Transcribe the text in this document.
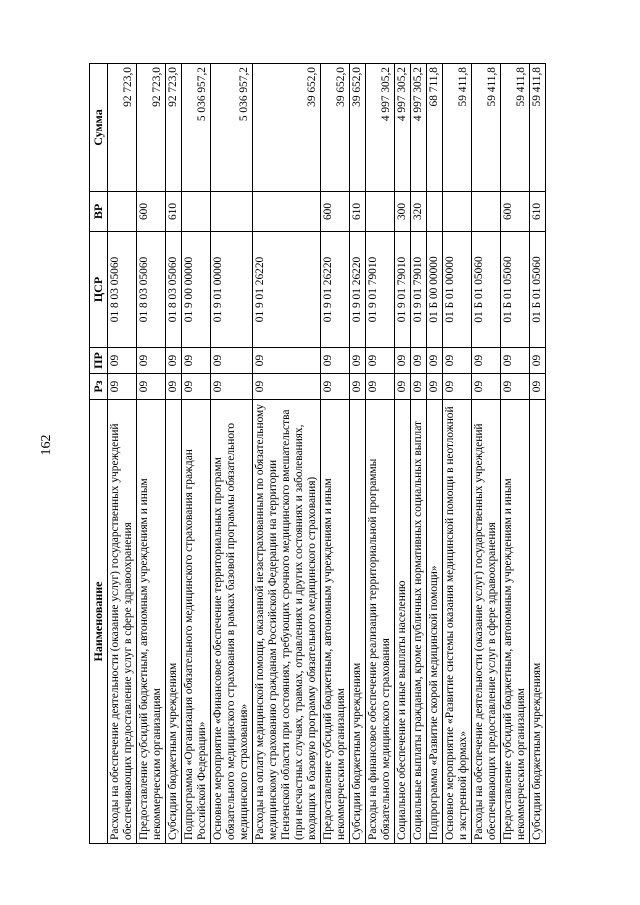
162
Наименование	Рз	ПР	ЦСР	ВР	Сумма
Расходы на обеспечение деятельности (оказание услуг) государственных учреждений обеспечивающих предоставление услуг в сфере здравоохранения	09	09	01 8 03 05060		92 723,0
Предоставление субсидий бюджетным, автономным учреждениям и иным некоммерческим организациям	09	09	01 8 03 05060	600	92 723,0
Субсидии бюджетным учреждениям	09	09	01 8 03 05060	610	92 723,0
Подпрограмма «Организация обязательного медицинского страхования граждан Российской Федерации»	09	09	01 9 00 00000		5 036 957,2
Основное мероприятие «Финансовое обеспечение территориальных программ обязательного медицинского страхования в рамках базовой программы обязательного медицинского страхования»	09	09	01 9 01 00000		5 036 957,2
Расходы на оплату медицинской помощи, оказанной незастрахованным по обязательному медицинскому страхованию гражданам Российской Федерации на территории Пензенской области при состояниях, требующих срочного медицинского вмешательства (при несчастных случаях, травмах, отравлениях и других состояниях и заболеваниях, входящих в базовую программу обязательного медицинского страхования)	09	09	01 9 01 26220		39 652,0
Предоставление субсидий бюджетным, автономным учреждениям и иным некоммерческим организациям	09	09	01 9 01 26220	600	39 652,0
Субсидии бюджетным учреждениям	09	09	01 9 01 26220	610	39 652,0
Расходы на финансовое обеспечение реализации территориальной программы обязательного медицинского страхования	09	09	01 9 01 79010		4 997 305,2
Социальное обеспечение и иные выплаты населению	09	09	01 9 01 79010	300	4 997 305,2
Социальные выплаты гражданам, кроме публичных нормативных социальных выплат	09	09	01 9 01 79010	320	4 997 305,2
Подпрограмма «Развитие скорой медицинской помощи»	09	09	01 Б 00 00000		68 711,8
Основное мероприятие «Развитие системы оказания медицинской помощи в неотложной и экстренной формах»	09	09	01 Б 01 00000		59 411,8
Расходы на обеспечение деятельности (оказание услуг) государственных учреждений обеспечивающих предоставление услуг в сфере здравоохранения	09	09	01 Б 01 05060		59 411,8
Предоставление субсидий бюджетным, автономным учреждениям и иным некоммерческим организациям	09	09	01 Б 01 05060	600	59 411,8
Субсидии бюджетным учреждениям	09	09	01 Б 01 05060	610	59 411,8
